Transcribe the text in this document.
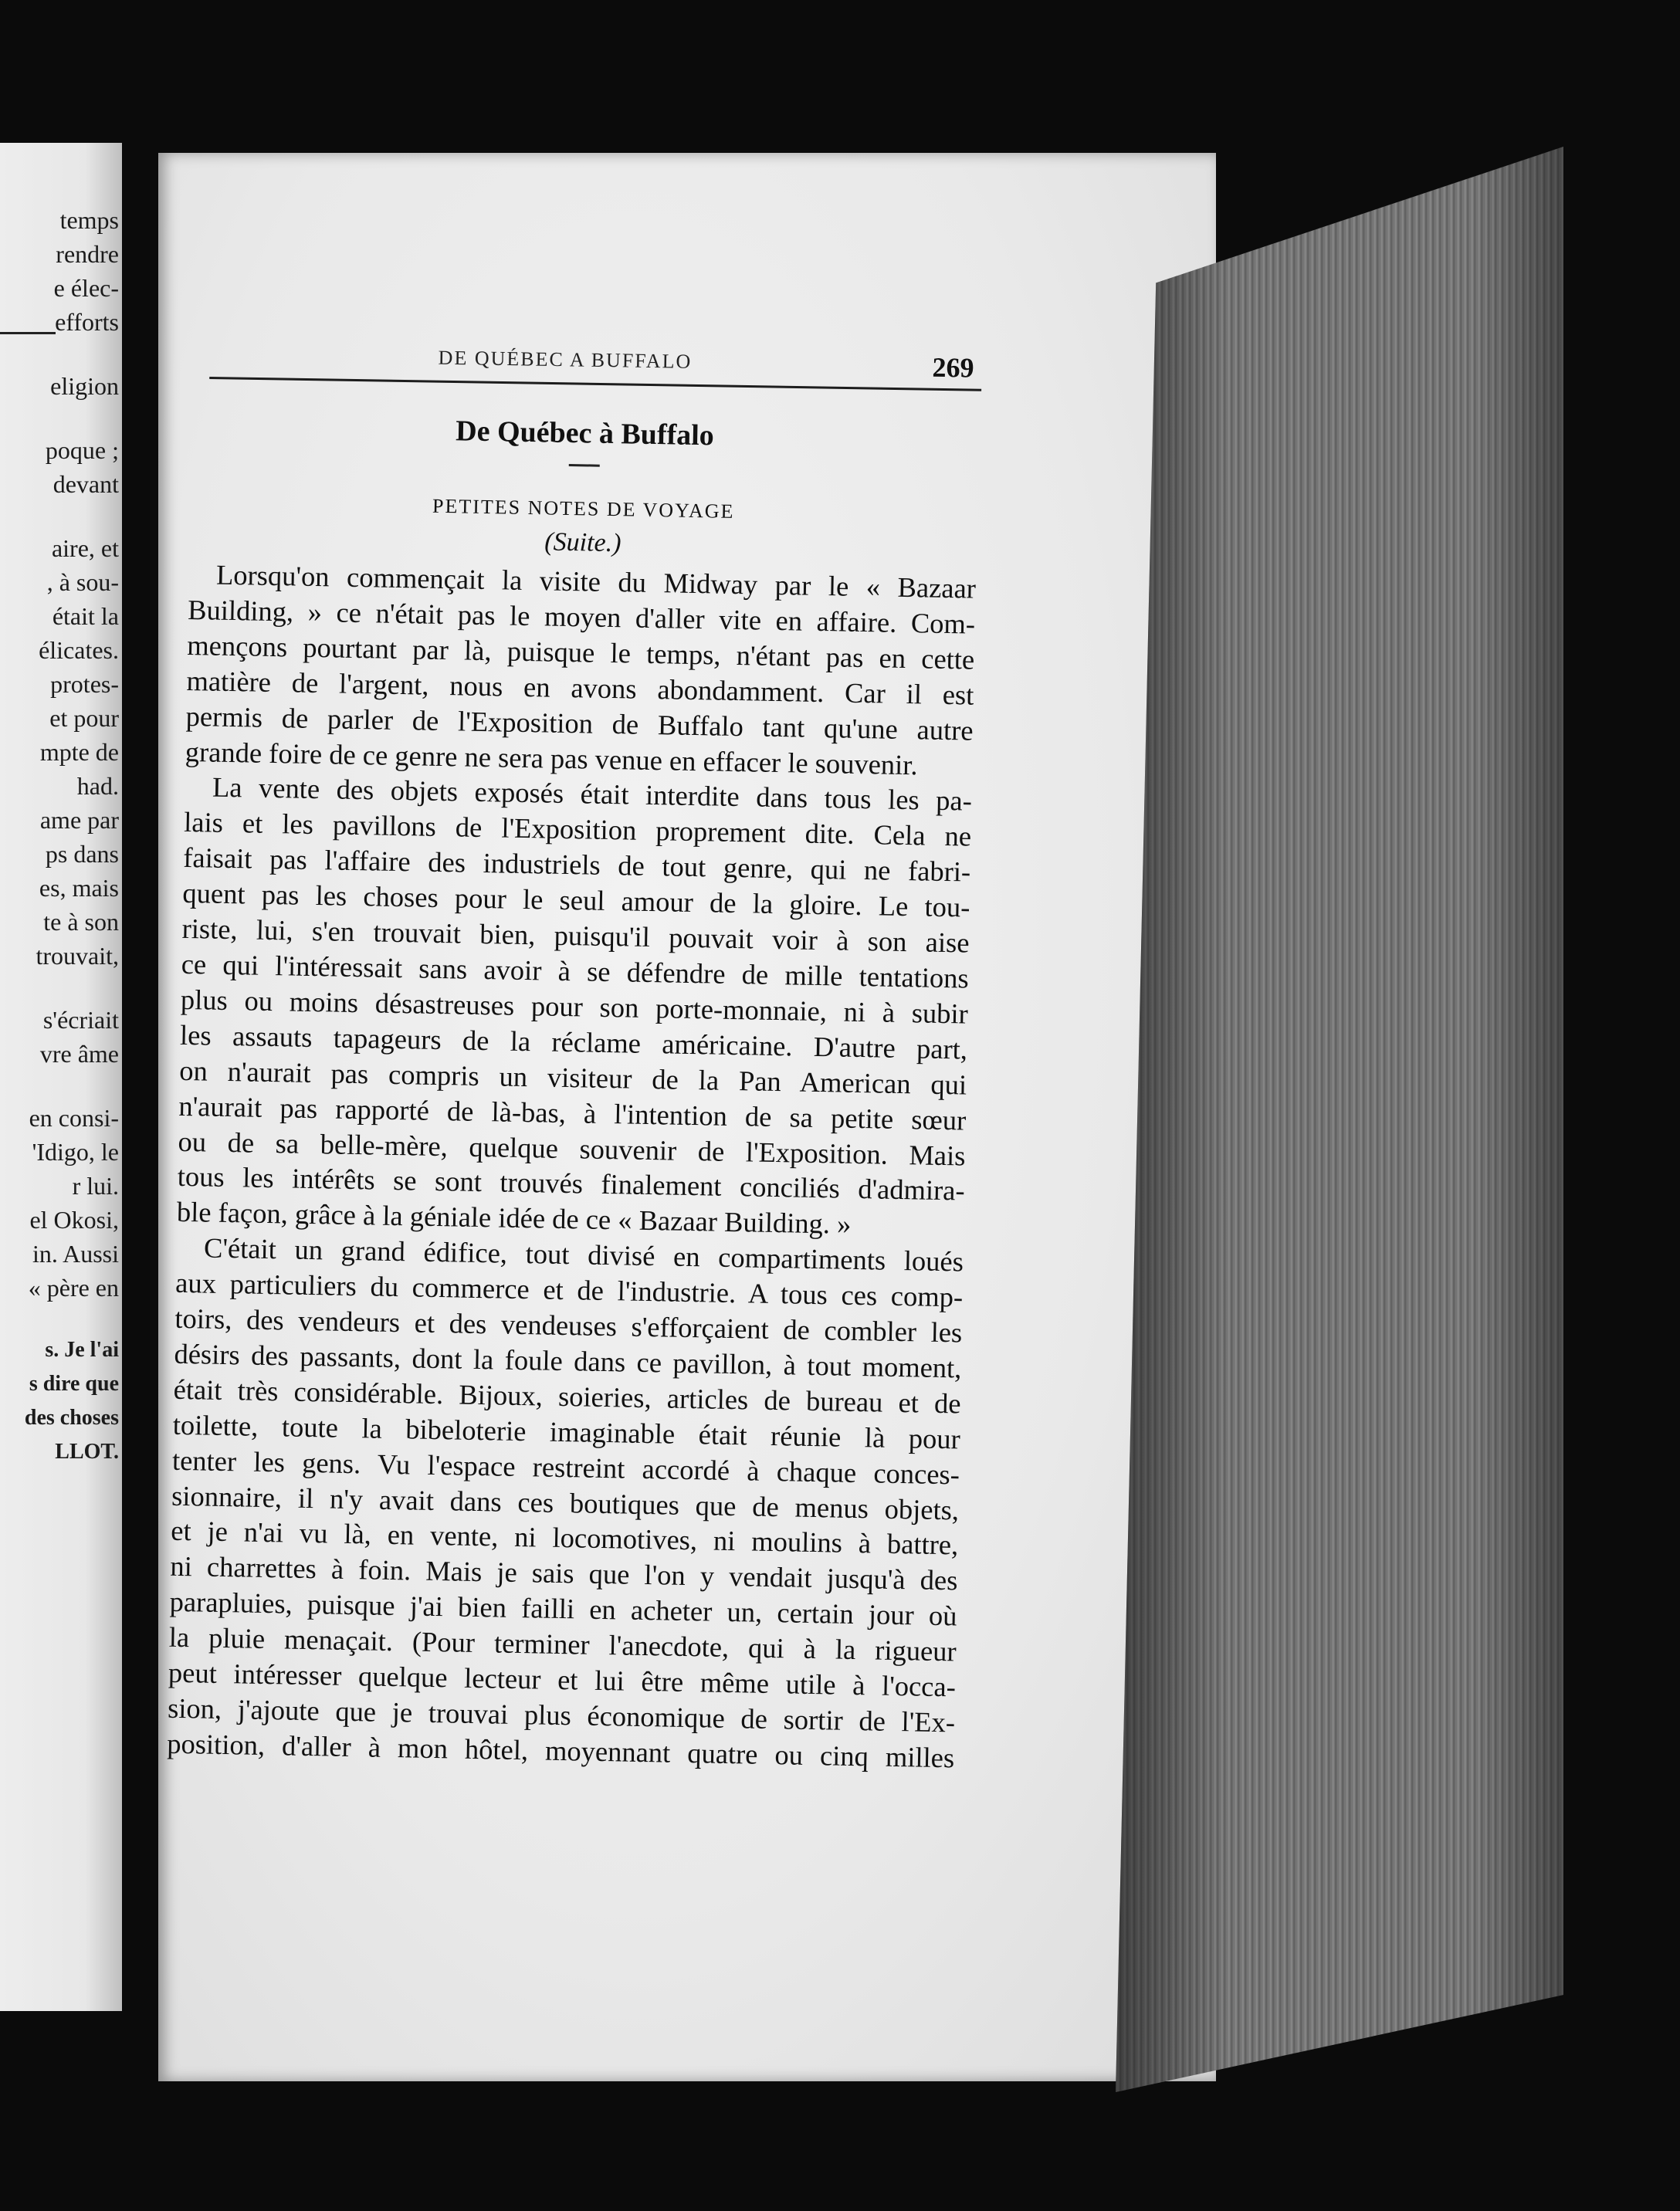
temps
rendre
e élec-
efforts
eligion
poque ;
devant
aire, et
, à sou-
était la
élicates.
protes-
et pour
mpte de
had.
ame par
ps dans
es, mais
te à son
trouvait,
s'écriait
vre âme
en consi-
'Idigo, le
r lui.
el Okosi,
in. Aussi
« père en
s. Je l'ai
s dire que
des choses
LLOT.
DE QUÉBEC A BUFFALO	269
De Québec à Buffalo
PETITES NOTES DE VOYAGE
(Suite.)
Lorsqu'on commençait la visite du Midway par le « Bazaar
Building, » ce n'était pas le moyen d'aller vite en affaire. Com-
mençons pourtant par là, puisque le temps, n'étant pas en cette
matière de l'argent, nous en avons abondamment. Car il est
permis de parler de l'Exposition de Buffalo tant qu'une autre
grande foire de ce genre ne sera pas venue en effacer le souvenir.
La vente des objets exposés était interdite dans tous les pa-
lais et les pavillons de l'Exposition proprement dite. Cela ne
faisait pas l'affaire des industriels de tout genre, qui ne fabri-
quent pas les choses pour le seul amour de la gloire. Le tou-
riste, lui, s'en trouvait bien, puisqu'il pouvait voir à son aise
ce qui l'intéressait sans avoir à se défendre de mille tentations
plus ou moins désastreuses pour son porte-monnaie, ni à subir
les assauts tapageurs de la réclame américaine. D'autre part,
on n'aurait pas compris un visiteur de la Pan American qui
n'aurait pas rapporté de là-bas, à l'intention de sa petite sœur
ou de sa belle-mère, quelque souvenir de l'Exposition. Mais
tous les intérêts se sont trouvés finalement conciliés d'admira-
ble façon, grâce à la géniale idée de ce « Bazaar Building. »
C'était un grand édifice, tout divisé en compartiments loués
aux particuliers du commerce et de l'industrie. A tous ces comp-
toirs, des vendeurs et des vendeuses s'efforçaient de combler les
désirs des passants, dont la foule dans ce pavillon, à tout moment,
était très considérable. Bijoux, soieries, articles de bureau et de
toilette, toute la bibeloterie imaginable était réunie là pour
tenter les gens. Vu l'espace restreint accordé à chaque conces-
sionnaire, il n'y avait dans ces boutiques que de menus objets,
et je n'ai vu là, en vente, ni locomotives, ni moulins à battre,
ni charrettes à foin. Mais je sais que l'on y vendait jusqu'à des
parapluies, puisque j'ai bien failli en acheter un, certain jour où
la pluie menaçait. (Pour terminer l'anecdote, qui à la rigueur
peut intéresser quelque lecteur et lui être même utile à l'occa-
sion, j'ajoute que je trouvai plus économique de sortir de l'Ex-
position, d'aller à mon hôtel, moyennant quatre ou cinq milles
